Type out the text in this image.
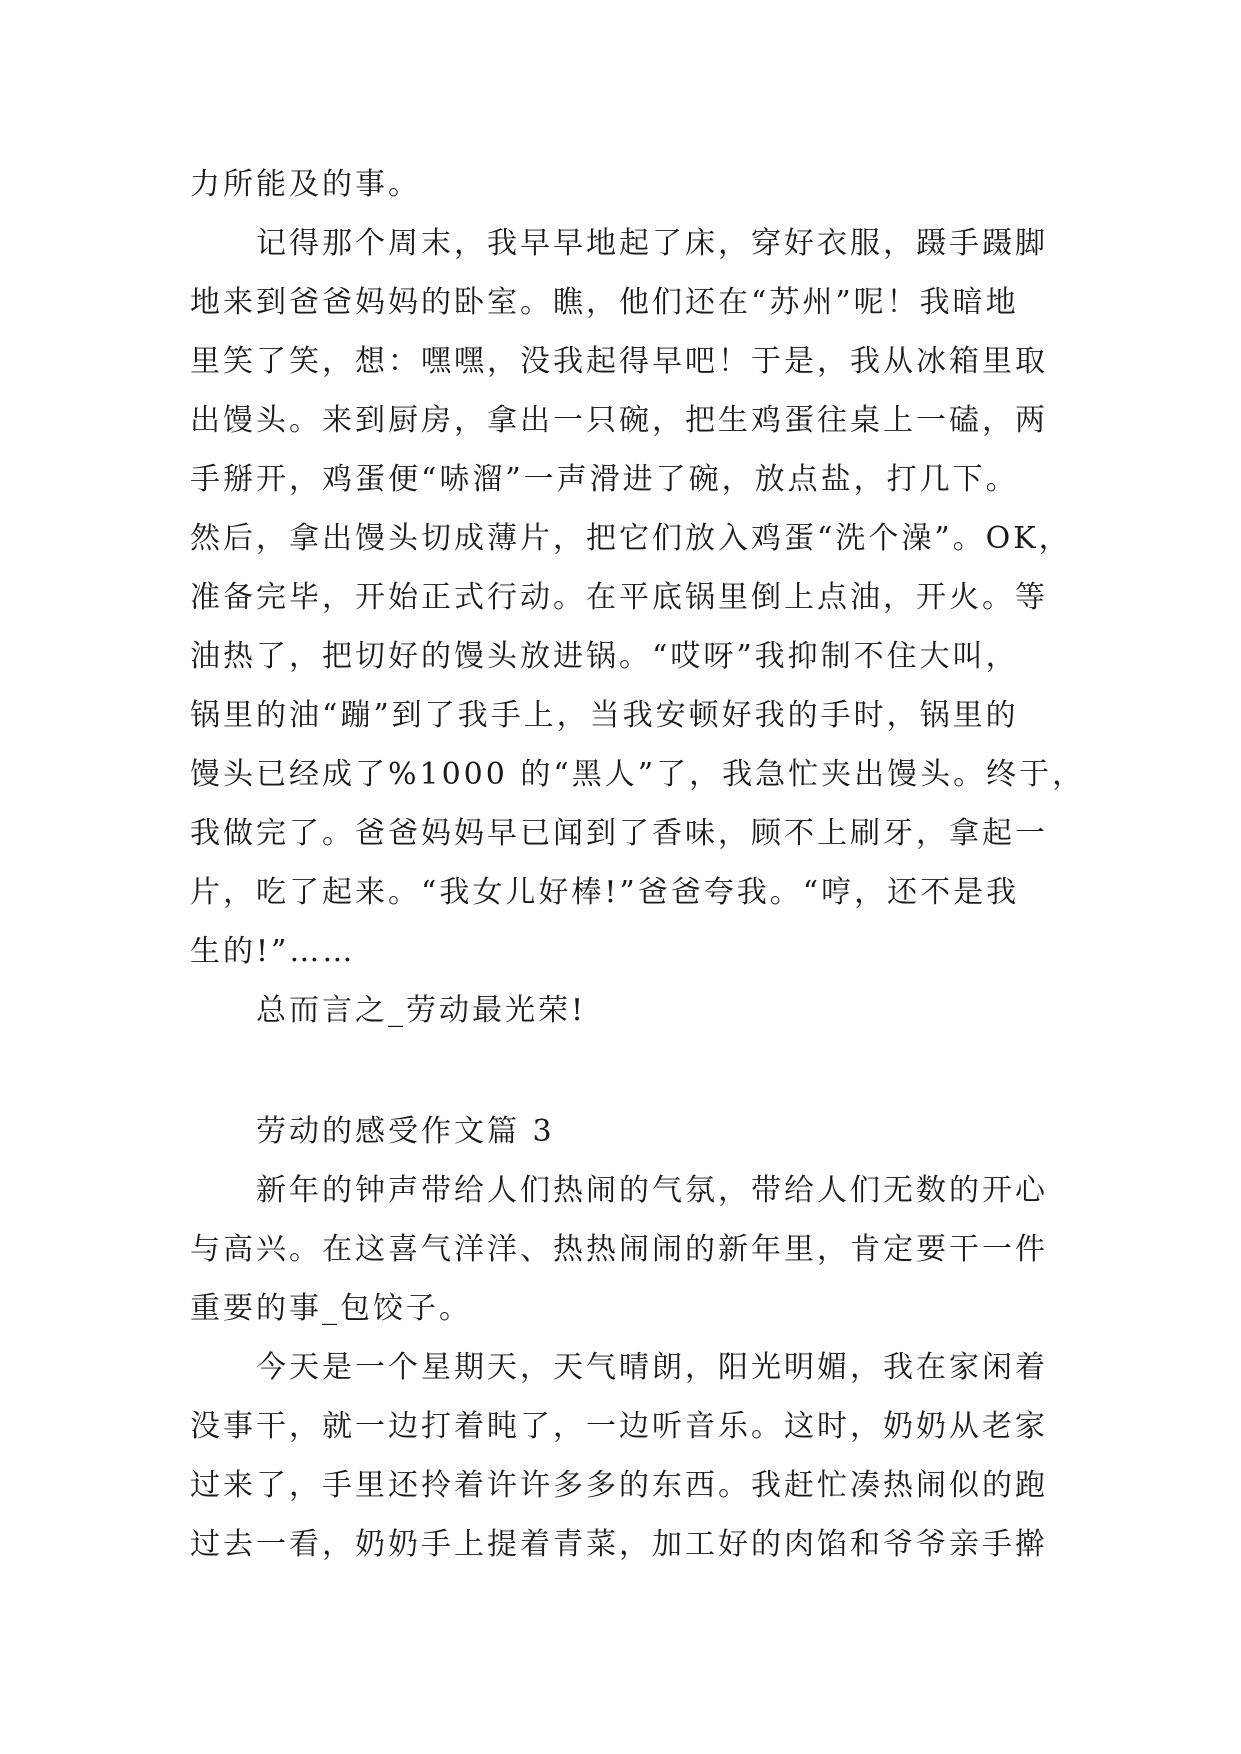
力所能及的事。
记得那个周末，我早早地起了床，穿好衣服，蹑手蹑脚
地来到爸爸妈妈的卧室。瞧，他们还在“苏州”呢！我暗地
里笑了笑，想：嘿嘿，没我起得早吧！于是，我从冰箱里取
出馒头。来到厨房，拿出一只碗，把生鸡蛋往桌上一磕，两
手掰开，鸡蛋便“哧溜”一声滑进了碗，放点盐，打几下。
然后，拿出馒头切成薄片，把它们放入鸡蛋“洗个澡”。OK，
准备完毕，开始正式行动。在平底锅里倒上点油，开火。等
油热了，把切好的馒头放进锅。“哎呀”我抑制不住大叫，
锅里的油“蹦”到了我手上，当我安顿好我的手时，锅里的
馒头已经成了%1000 的“黑人”了，我急忙夹出馒头。终于，
我做完了。爸爸妈妈早已闻到了香味，顾不上刷牙，拿起一
片，吃了起来。“我女儿好棒!”爸爸夸我。“哼，还不是我
生的!”……
总而言之_劳动最光荣!
劳动的感受作文篇 3
新年的钟声带给人们热闹的气氛，带给人们无数的开心
与高兴。在这喜气洋洋、热热闹闹的新年里，肯定要干一件
重要的事_包饺子。
今天是一个星期天，天气晴朗，阳光明媚，我在家闲着
没事干，就一边打着盹了，一边听音乐。这时，奶奶从老家
过来了，手里还拎着许许多多的东西。我赶忙凑热闹似的跑
过去一看，奶奶手上提着青菜，加工好的肉馅和爷爷亲手擀
